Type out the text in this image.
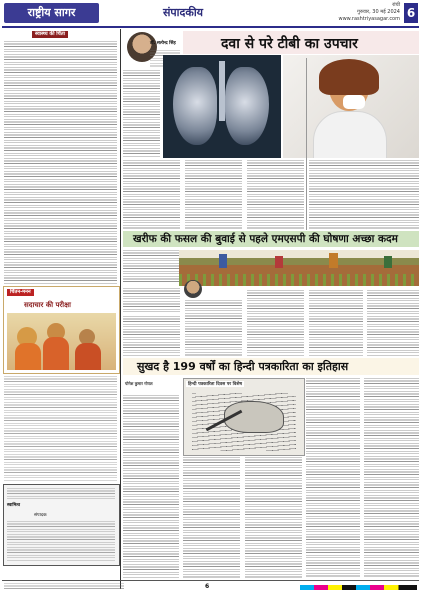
राष्ट्रीय सागर	संपादकीय
रांची
गुरुवार, 30 मई 2024
www.rashtriyasagar.com 6
स्वास्थ्य की चिंता
चिंतन-मनन
सदाचार की परीक्षा
स्वामित्व
संपादक
डॉ. सत्येन्द्र सिंह	दवा से परे टीबी का उपचार
खरीफ की फसल की बुवाई से पहले एमएसपी की घोषणा अच्छा कदम
सुखद है 199 वर्षों का हिन्दी पत्रकारिता का इतिहास
योगेश कुमार गोयल	हिन्दी पत्रकारिता दिवस पर विशेष
6
